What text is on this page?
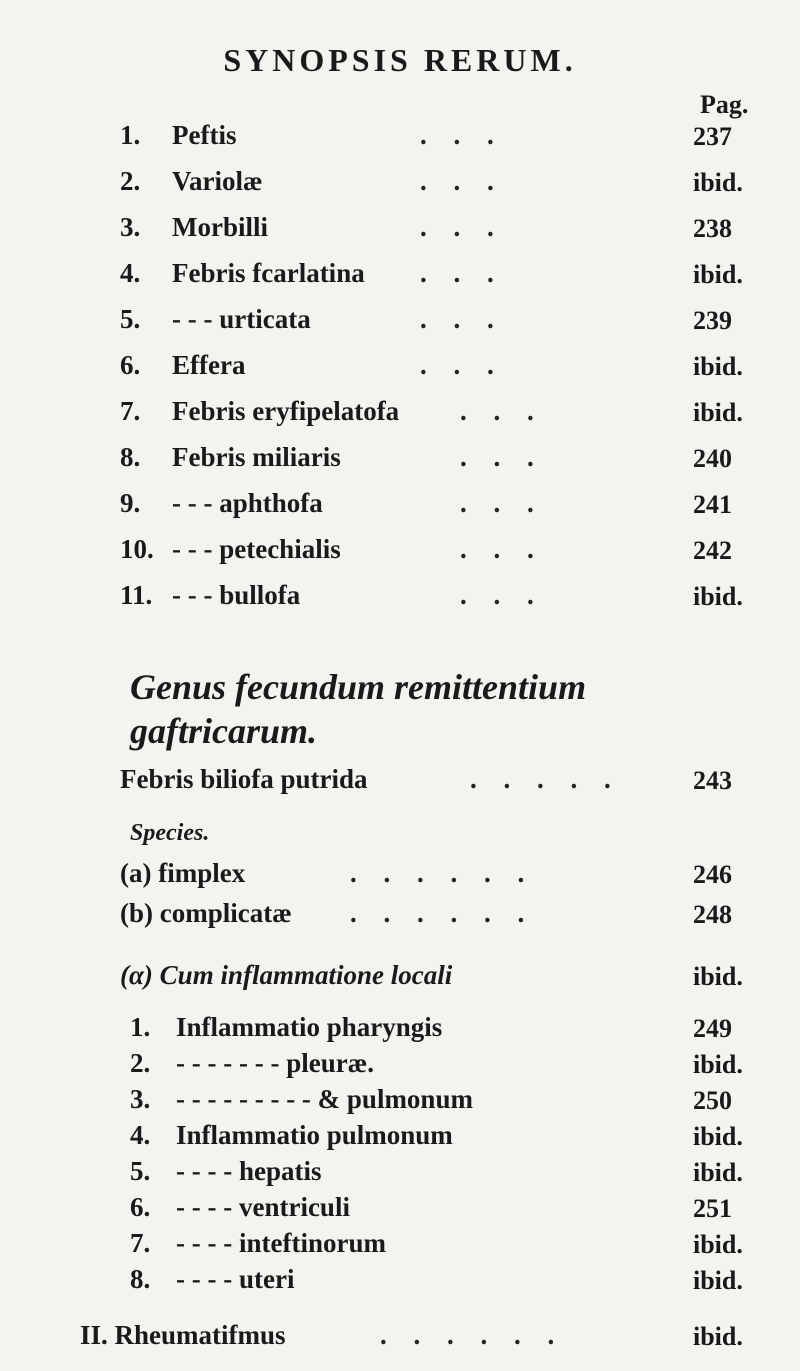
SYNOPSIS RERUM.
Pag.
1. Peftis	. . .	237
2. Variolæ	. . .	ibid.
3. Morbilli	. . .	238
4. Febris fcarlatina . . .	ibid.
5. - - - urticata	. . .	239
6. Effera	. . .	ibid.
7. Febris eryfipelatofa . . .	ibid.
8. Febris miliaris	. . .	240
9. - - - aphthofa	. . .	241
10. - - - petechialis	. . .	242
11. - - - bullofa	. . .	ibid.
Genus fecundum remittentium gaftricarum.
Febris biliofa putrida	. . . . .	243
Species.
(a) fimplex	. . . . . .	246
(b) complicatæ . . . . . .	248
(α) Cum inflammatione locali	ibid.
1. Inflammatio pharyngis	249
2. - - - - - - - pleuræ.	ibid.
3. - - - - - - - - - & pulmonum	250
4. Inflammatio pulmonum	ibid.
5. - - - - hepatis	ibid.
6. - - - - ventriculi	251
7. - - - - inteftinorum	ibid.
8. - - - - uteri	ibid.
II. Rheumatifmus	. . . . . .	ibid.
